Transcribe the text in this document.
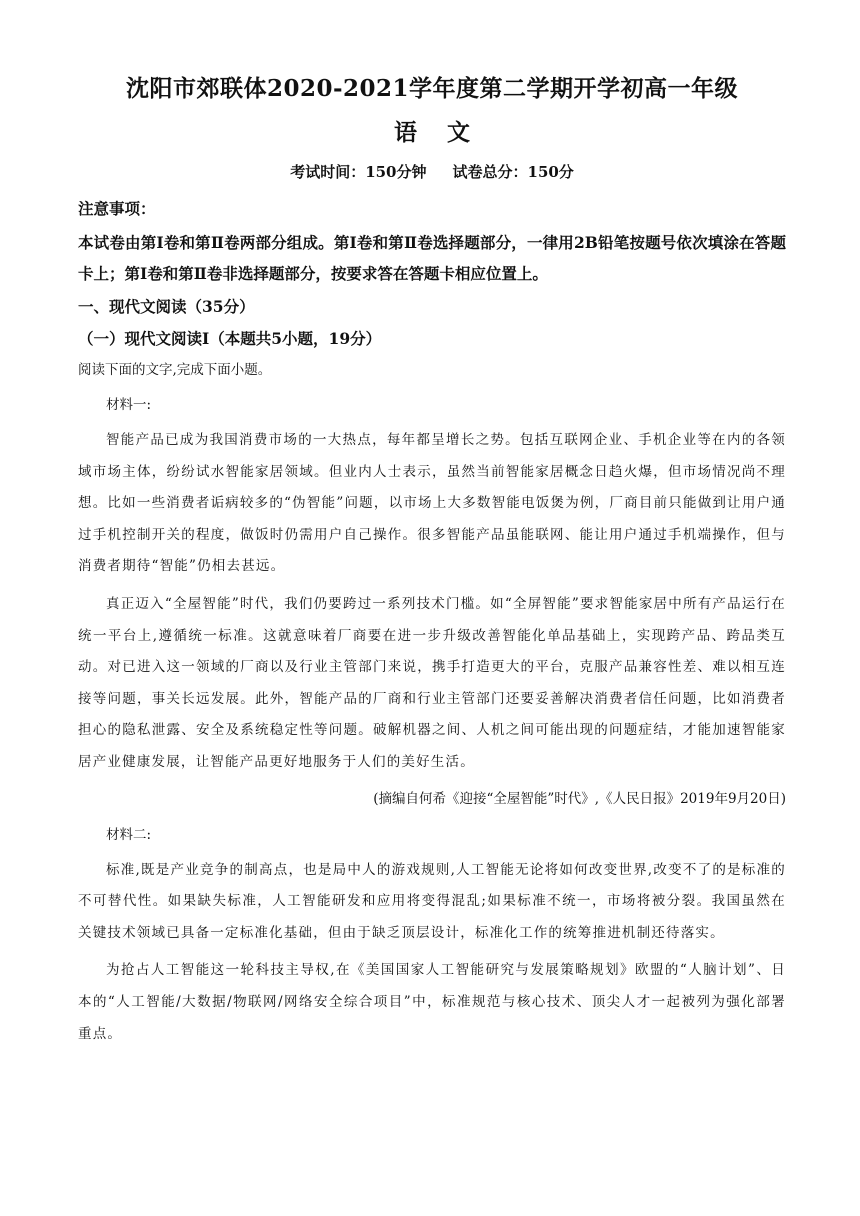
沈阳市郊联体2020-2021学年度第二学期开学初高一年级
语文

考试时间：150分钟 试卷总分：150分

注意事项：

本试卷由第Ⅰ卷和第Ⅱ卷两部分组成。第Ⅰ卷和第Ⅱ卷选择题部分，一律用2B铅笔按题号依次填涂在答题卡上；第Ⅰ卷和第Ⅱ卷非选择题部分，按要求答在答题卡相应位置上。

一、现代文阅读（35分）

（一）现代文阅读Ⅰ（本题共5小题，19分）

阅读下面的文字,完成下面小题。

材料一:

智能产品已成为我国消费市场的一大热点，每年都呈增长之势。包括互联网企业、手机企业等在内的各领域市场主体，纷纷试水智能家居领域。但业内人士表示，虽然当前智能家居概念日趋火爆，但市场情况尚不理想。比如一些消费者诟病较多的“伪智能”问题，以市场上大多数智能电饭煲为例，厂商目前只能做到让用户通过手机控制开关的程度，做饭时仍需用户自己操作。很多智能产品虽能联网、能让用户通过手机端操作，但与消费者期待“智能”仍相去甚远。

真正迈入“全屋智能”时代，我们仍要跨过一系列技术门槛。如“全屏智能”要求智能家居中所有产品运行在统一平台上,遵循统一标准。这就意味着厂商要在进一步升级改善智能化单品基础上，实现跨产品、跨品类互动。对已进入这一领域的厂商以及行业主管部门来说，携手打造更大的平台，克服产品兼容性差、难以相互连接等问题，事关长远发展。此外，智能产品的厂商和行业主管部门还要妥善解决消费者信任问题，比如消费者担心的隐私泄露、安全及系统稳定性等问题。破解机器之间、人机之间可能出现的问题症结，才能加速智能家居产业健康发展，让智能产品更好地服务于人们的美好生活。

(摘编自何希《迎接“全屋智能”时代》,《人民日报》2019年9月20日)

材料二:

标准,既是产业竞争的制高点，也是局中人的游戏规则,人工智能无论将如何改变世界,改变不了的是标准的不可替代性。如果缺失标准，人工智能研发和应用将变得混乱;如果标准不统一，市场将被分裂。我国虽然在关键技术领域已具备一定标准化基础，但由于缺乏顶层设计，标准化工作的统筹推进机制还待落实。

为抢占人工智能这一轮科技主导权,在《美国国家人工智能研究与发展策略规划》欧盟的“人脑计划”、日本的“人工智能/大数据/物联网/网络安全综合项目”中，标准规范与核心技术、顶尖人才一起被列为强化部署重点。
